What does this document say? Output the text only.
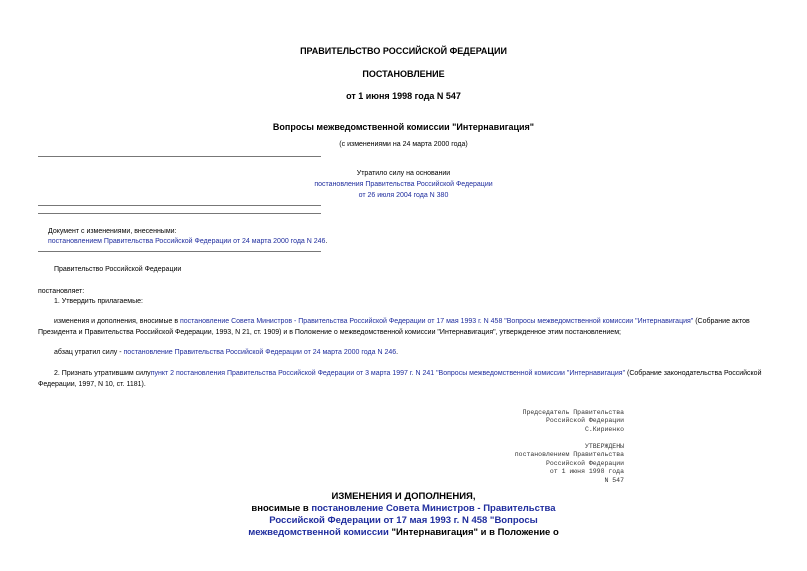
ПРАВИТЕЛЬСТВО РОССИЙСКОЙ ФЕДЕРАЦИИ
ПОСТАНОВЛЕНИЕ
от 1 июня 1998 года N 547
Вопросы межведомственной комиссии "Интернавигация"
(с изменениями на 24 марта 2000 года)
Утратило силу на основании
постановления Правительства Российской Федерации
от 26 июля 2004 года N 380
Документ с изменениями, внесенными:
постановлением Правительства Российской Федерации от 24 марта 2000 года N 246.
Правительство Российской Федерации
постановляет:
1. Утвердить прилагаемые:

изменения и дополнения, вносимые в постановление Совета Министров - Правительства Российской Федерации от 17 мая 1993 г. N 458 "Вопросы межведомственной комиссии "Интернавигация" (Собрание актов Президента и Правительства Российской Федерации, 1993, N 21, ст. 1909) и в Положение о межведомственной комиссии "Интернавигация", утвержденное этим постановлением;

абзац утратил силу - постановление Правительства Российской Федерации от 24 марта 2000 года N 246.

2. Признать утратившим силупункт 2 постановления Правительства Российской Федерации от 3 марта 1997 г. N 241 "Вопросы межведомственной комиссии "Интернавигация" (Собрание законодательства Российской Федерации, 1997, N 10, ст. 1181).

Председатель Правительства
Российской Федерации
С.Кириенко
УТВЕРЖДЕНЫ
постановлением Правительства
Российской Федерации
от 1 июня 1998 года
N 547
ИЗМЕНЕНИЯ И ДОПОЛНЕНИЯ,
вносимые в постановление Совета Министров - Правительства
Российской Федерации от 17 мая 1993 г. N 458 "Вопросы
межведомственной комиссии "Интернавигация" и в Положение о
